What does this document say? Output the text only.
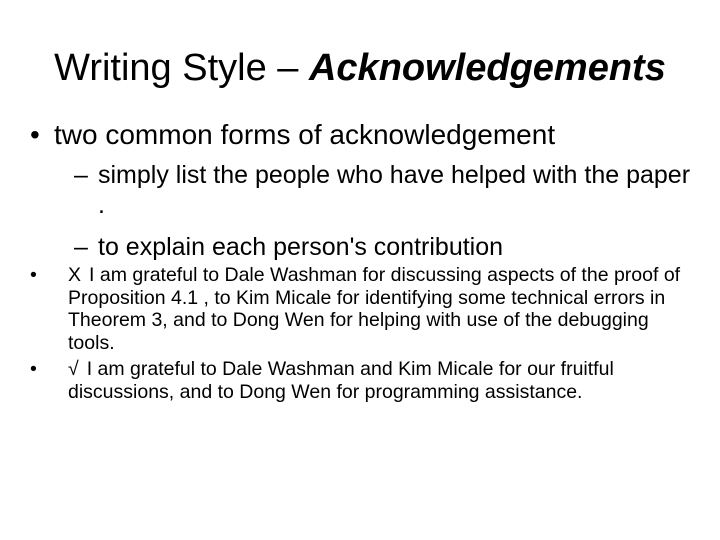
Writing Style – Acknowledgements
• two common forms of acknowledgement
– simply list the people who have helped with the paper .
– to explain each person's contribution
• X I am grateful to Dale Washman for discussing aspects of the proof of Proposition 4.1 , to Kim Micale for identifying some technical errors in Theorem 3, and to Dong Wen for helping with use of the debugging tools.
• √ I am grateful to Dale Washman and Kim Micale for our fruitful discussions, and to Dong Wen for programming assistance.
